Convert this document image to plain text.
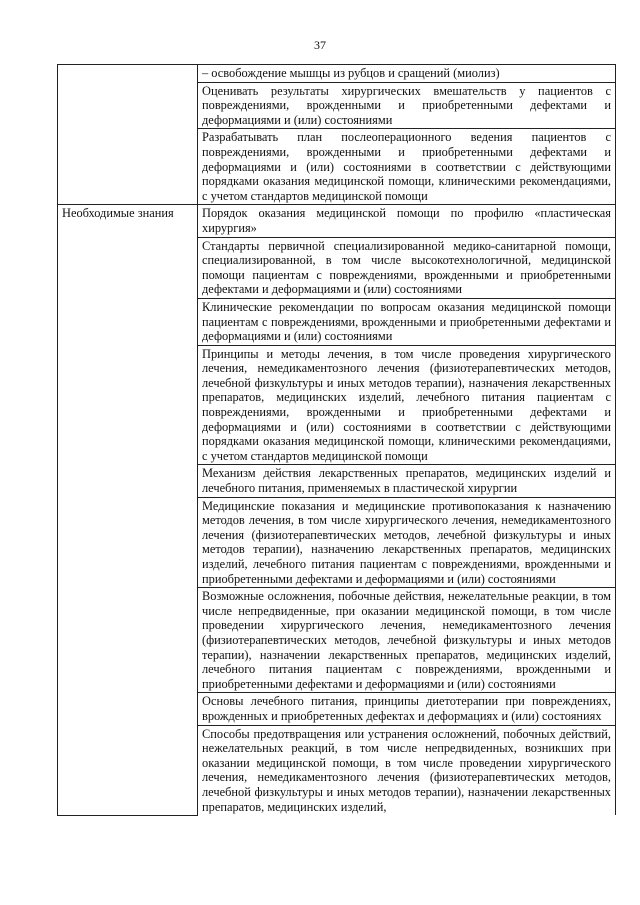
37
	– освобождение мышцы из рубцов и сращений (миолиз)
	Оценивать результаты хирургических вмешательств у пациентов с повреждениями, врожденными и приобретенными дефектами и деформациями и (или) состояниями
	Разрабатывать план послеоперационного ведения пациентов с повреждениями, врожденными и приобретенными дефектами и деформациями и (или) состояниями в соответствии с действующими порядками оказания медицинской помощи, клиническими рекомендациями, с учетом стандартов медицинской помощи
Необходимые знания	Порядок оказания медицинской помощи по профилю «пластическая хирургия»
	Стандарты первичной специализированной медико-санитарной помощи, специализированной, в том числе высокотехнологичной, медицинской помощи пациентам с повреждениями, врожденными и приобретенными дефектами и деформациями и (или) состояниями
	Клинические рекомендации по вопросам оказания медицинской помощи пациентам с повреждениями, врожденными и приобретенными дефектами и деформациями и (или) состояниями
	Принципы и методы лечения, в том числе проведения хирургического лечения, немедикаментозного лечения (физиотерапевтических методов, лечебной физкультуры и иных методов терапии), назначения лекарственных препаратов, медицинских изделий, лечебного питания пациентам с повреждениями, врожденными и приобретенными дефектами и деформациями и (или) состояниями в соответствии с действующими порядками оказания медицинской помощи, клиническими рекомендациями, с учетом стандартов медицинской помощи
	Механизм действия лекарственных препаратов, медицинских изделий и лечебного питания, применяемых в пластической хирургии
	Медицинские показания и медицинские противопоказания к назначению методов лечения, в том числе хирургического лечения, немедикаментозного лечения (физиотерапевтических методов, лечебной физкультуры и иных методов терапии), назначению лекарственных препаратов, медицинских изделий, лечебного питания пациентам с повреждениями, врожденными и приобретенными дефектами и деформациями и (или) состояниями
	Возможные осложнения, побочные действия, нежелательные реакции, в том числе непредвиденные, при оказании медицинской помощи, в том числе проведении хирургического лечения, немедикаментозного лечения (физиотерапевтических методов, лечебной физкультуры и иных методов терапии), назначении лекарственных препаратов, медицинских изделий, лечебного питания пациентам с повреждениями, врожденными и приобретенными дефектами и деформациями и (или) состояниями
	Основы лечебного питания, принципы диетотерапии при повреждениях, врожденных и приобретенных дефектах и деформациях и (или) состояниях
	Способы предотвращения или устранения осложнений, побочных действий, нежелательных реакций, в том числе непредвиденных, возникших при оказании медицинской помощи, в том числе проведении хирургического лечения, немедикаментозного лечения (физиотерапевтических методов, лечебной физкультуры и иных методов терапии), назначении лекарственных препаратов, медицинских изделий,
